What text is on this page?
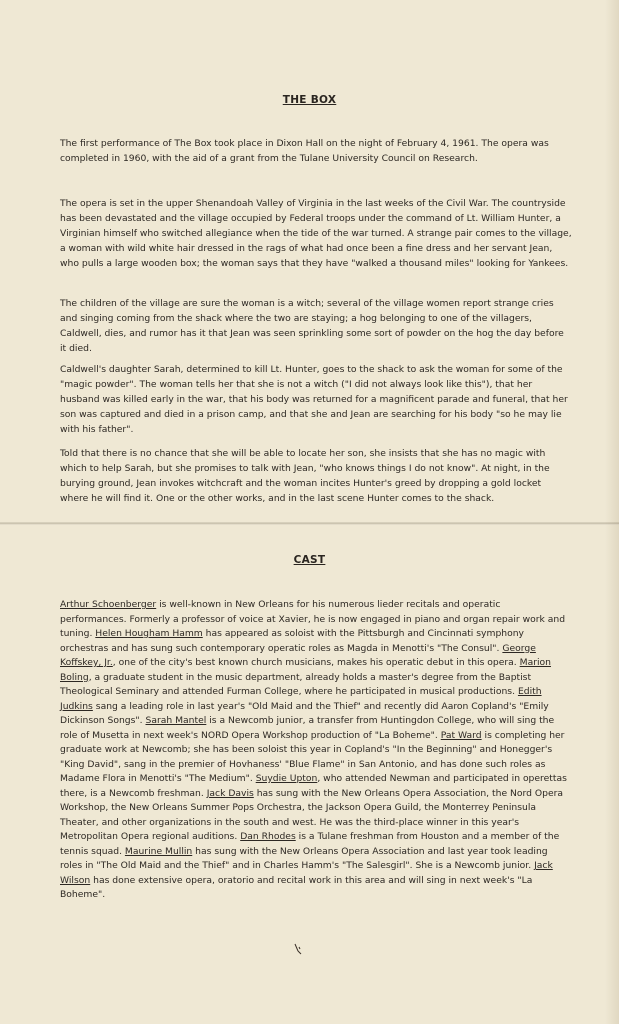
THE BOX

The first performance of The Box took place in Dixon Hall on the night of February 4, 1961. The opera was completed in 1960, with the aid of a grant from the Tulane University Council on Research.

The opera is set in the upper Shenandoah Valley of Virginia in the last weeks of the Civil War. The countryside has been devastated and the village occupied by Federal troops under the command of Lt. William Hunter, a Virginian himself who switched allegiance when the tide of the war turned. A strange pair comes to the village, a woman with wild white hair dressed in the rags of what had once been a fine dress and her servant Jean, who pulls a large wooden box; the woman says that they have "walked a thousand miles" looking for Yankees.

The children of the village are sure the woman is a witch; several of the village women report strange cries and singing coming from the shack where the two are staying; a hog belonging to one of the villagers, Caldwell, dies, and rumor has it that Jean was seen sprinkling some sort of powder on the hog the day before it died.

Caldwell's daughter Sarah, determined to kill Lt. Hunter, goes to the shack to ask the woman for some of the "magic powder". The woman tells her that she is not a witch ("I did not always look like this"), that her husband was killed early in the war, that his body was returned for a magnificent parade and funeral, that her son was captured and died in a prison camp, and that she and Jean are searching for his body "so he may lie with his father".

Told that there is no chance that she will be able to locate her son, she insists that she has no magic with which to help Sarah, but she promises to talk with Jean, "who knows things I do not know". At night, in the burying ground, Jean invokes witchcraft and the woman incites Hunter's greed by dropping a gold locket where he will find it. One or the other works, and in the last scene Hunter comes to the shack.

CAST

Arthur Schoenberger is well-known in New Orleans for his numerous lieder recitals and operatic performances. Formerly a professor of voice at Xavier, he is now engaged in piano and organ repair work and tuning. Helen Hougham Hamm has appeared as soloist with the Pittsburgh and Cincinnati symphony orchestras and has sung such contemporary operatic roles as Magda in Menotti's "The Consul". George Koffskey, Jr., one of the city's best known church musicians, makes his operatic debut in this opera. Marion Boling, a graduate student in the music department, already holds a master's degree from the Baptist Theological Seminary and attended Furman College, where he participated in musical productions. Edith Judkins sang a leading role in last year's "Old Maid and the Thief" and recently did Aaron Copland's "Emily Dickinson Songs". Sarah Mantel is a Newcomb junior, a transfer from Huntingdon College, who will sing the role of Musetta in next week's NORD Opera Workshop production of "La Boheme". Pat Ward is completing her graduate work at Newcomb; she has been soloist this year in Copland's "In the Beginning" and Honegger's "King David", sang in the premier of Hovhaness' "Blue Flame" in San Antonio, and has done such roles as Madame Flora in Menotti's "The Medium". Suydie Upton, who attended Newman and participated in operettas there, is a Newcomb freshman. Jack Davis has sung with the New Orleans Opera Association, the Nord Opera Workshop, the New Orleans Summer Pops Orchestra, the Jackson Opera Guild, the Monterrey Peninsula Theater, and other organizations in the south and west. He was the third-place winner in this year's Metropolitan Opera regional auditions. Dan Rhodes is a Tulane freshman from Houston and a member of the tennis squad. Maurine Mullin has sung with the New Orleans Opera Association and last year took leading roles in "The Old Maid and the Thief" and in Charles Hamm's "The Salesgirl". She is a Newcomb junior. Jack Wilson has done extensive opera, oratorio and recital work in this area and will sing in next week's "La Boheme".
